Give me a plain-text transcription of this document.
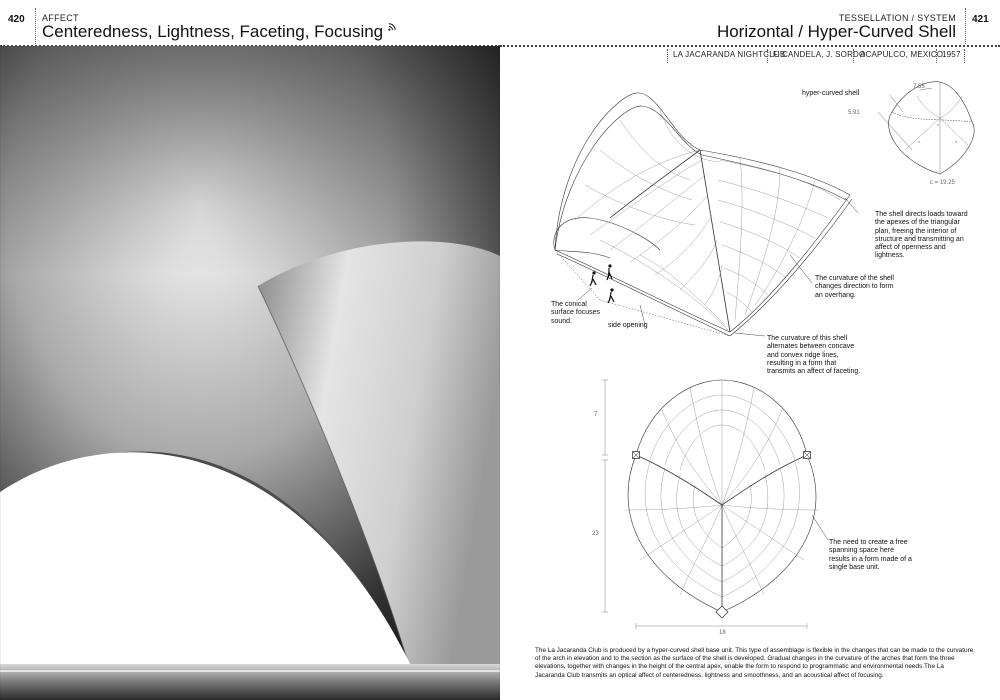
420 AFFECT
Centeredness, Lightness, Faceting, Focusing
TESSELLATION / SYSTEM
Horizontal / Hyper-Curved Shell
421
LA JACARANDA NIGHTCLUB
F. CANDELA, J. SORDO
ACAPULCO, MEXICO
1957
The conical surface focuses sound.
side opening
The shell directs loads toward the apexes of the triangular plan, freeing the interior of structure and transmitting an affect of openness and lightness.
The curvature of the shell changes direction to form an overhang.
The curvature of this shell alternates between concave and convex ridge lines, resulting in a form that transmits an affect of faceting.
x	x
x
hyper-curved shell
7.55
5.91
c = 19.25
7
23
18
The need to create a free spanning space here results in a form made of a single base unit.
The La Jacaranda Club is produced by a hyper-curved shell base unit. This type of assemblage is flexible in the changes that can be made to the curvature of the arch in elevation and to the section as the surface of the shell is developed. Gradual changes in the curvature of the arches that form the three elevations, together with changes in the height of the central apex, enable the form to respond to programmatic and environmental needs.The La Jacaranda Club transmits an optical affect of centeredness, lightness and smoothness, and an acoustical affect of focusing.
